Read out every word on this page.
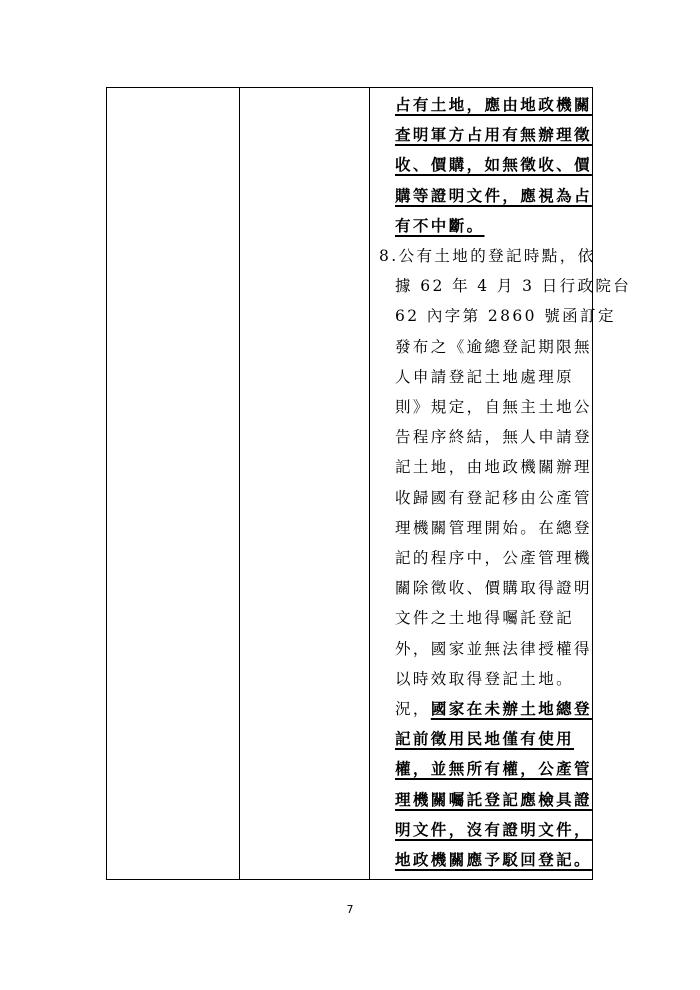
占有土地，應由地政機關
查明軍方占用有無辦理徵
收、價購，如無徵收、價
購等證明文件，應視為占
有不中斷。
8.公有土地的登記時點，依
據 62 年 4 月 3 日行政院台
62 內字第 2860 號函訂定
發布之《逾總登記期限無
人申請登記土地處理原
則》規定，自無主土地公
告程序終結，無人申請登
記土地，由地政機關辦理
收歸國有登記移由公產管
理機關管理開始。在總登
記的程序中，公產管理機
關除徵收、價購取得證明
文件之土地得囑託登記
外，國家並無法律授權得
以時效取得登記土地。
況，國家在未辦土地總登
記前徵用民地僅有使用
權，並無所有權，公產管
理機關囑託登記應檢具證
明文件，沒有證明文件，
地政機關應予駁回登記。
7
